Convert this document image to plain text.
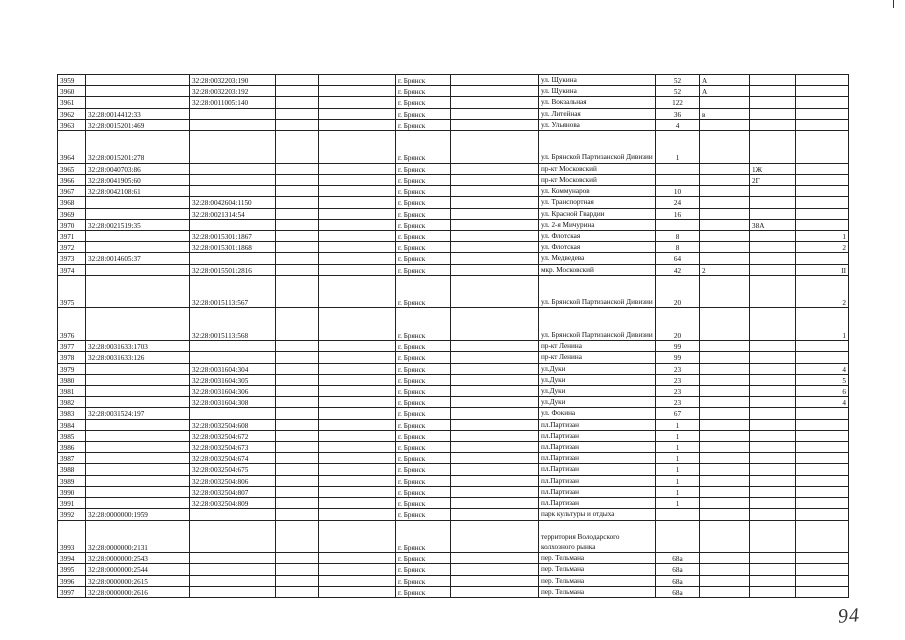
3959		32:28:0032203:190			г. Брянск		ул. Щукина	52	А		
3960		32:28:0032203:192			г. Брянск		ул. Щукина	52	А		
3961		32:28:0011005:140			г. Брянск		ул. Вокзальная	122			
3962	32:28:0014412:33				г. Брянск		ул. Литейная	36	в		
3963	32:28:0015201:469				г. Брянск		ул. Ульянова	4			
3964	32:28:0015201:278				г. Брянск		ул. Брянской Партизанской Дивизии	1			
3965	32:28:0040703:86				г. Брянск		пр-кт Московский			1Ж	
3966	32:28:0041905:60				г. Брянск		пр-кт Московский			2Г	
3967	32:28:0042108:61				г. Брянск		ул. Коммунаров	10			
3968		32:28:0042604:1150			г. Брянск		ул. Транспортная	24			
3969		32:28:0021314:54			г. Брянск		ул. Красной Гвардии	16			
3970	32:28:0021519:35				г. Брянск		ул. 2-я Мичурина			38А	
3971		32:28:0015301:1867			г. Брянск		ул. Флотская	8			1
3972		32:28:0015301:1868			г. Брянск		ул. Флотская	8			2
3973	32:28:0014605:37				г. Брянск		ул. Медведева	64			
3974		32:28:0015501:2816			г. Брянск		мкр. Московский	42	2		II
3975		32:28:0015113:567			г. Брянск		ул. Брянской Партизанской Дивизии	20			2
3976		32:28:0015113:568			г. Брянск		ул. Брянской Партизанской Дивизии	20			1
3977	32:28:0031633:1703				г. Брянск		пр-кт Ленина	99			
3978	32:28:0031633:126				г. Брянск		пр-кт Ленина	99			
3979		32:28:0031604:304			г. Брянск		ул.Дуки	23			4
3980		32:28:0031604:305			г. Брянск		ул.Дуки	23			5
3981		32:28:0031604:306			г. Брянск		ул.Дуки	23			6
3982		32:28:0031604:308			г. Брянск		ул.Дуки	23			4
3983	32:28:0031524:197				г. Брянск		ул. Фокина	67			
3984		32:28:0032504:608			г. Брянск		пл.Партизан	1			
3985		32:28:0032504:672			г. Брянск		пл.Партизан	1			
3986		32:28:0032504:673			г. Брянск		пл.Партизан	1			
3987		32:28:0032504:674			г. Брянск		пл.Партизан	1			
3988		32:28:0032504:675			г. Брянск		пл.Партизан	1			
3989		32:28:0032504:806			г. Брянск		пл.Партизан	1			
3990		32:28:0032504:807			г. Брянск		пл.Партизан	1			
3991		32:28:0032504:809			г. Брянск		пл.Партизан	1			
3992	32:28:0000000:1959				г. Брянск		парк культуры и отдыха				
3993	32:28:0000000:2131				г. Брянск		территория Володарского колхозного рынка				
3994	32:28:0000000:2543				г. Брянск		пер. Тельмана	68а			
3995	32:28:0000000:2544				г. Брянск		пер. Тельмана	68а			
3996	32:28:0000000:2615				г. Брянск		пер. Тельмана	68а			
3997	32:28:0000000:2616				г. Брянск		пер. Тельмана	68а			
94
